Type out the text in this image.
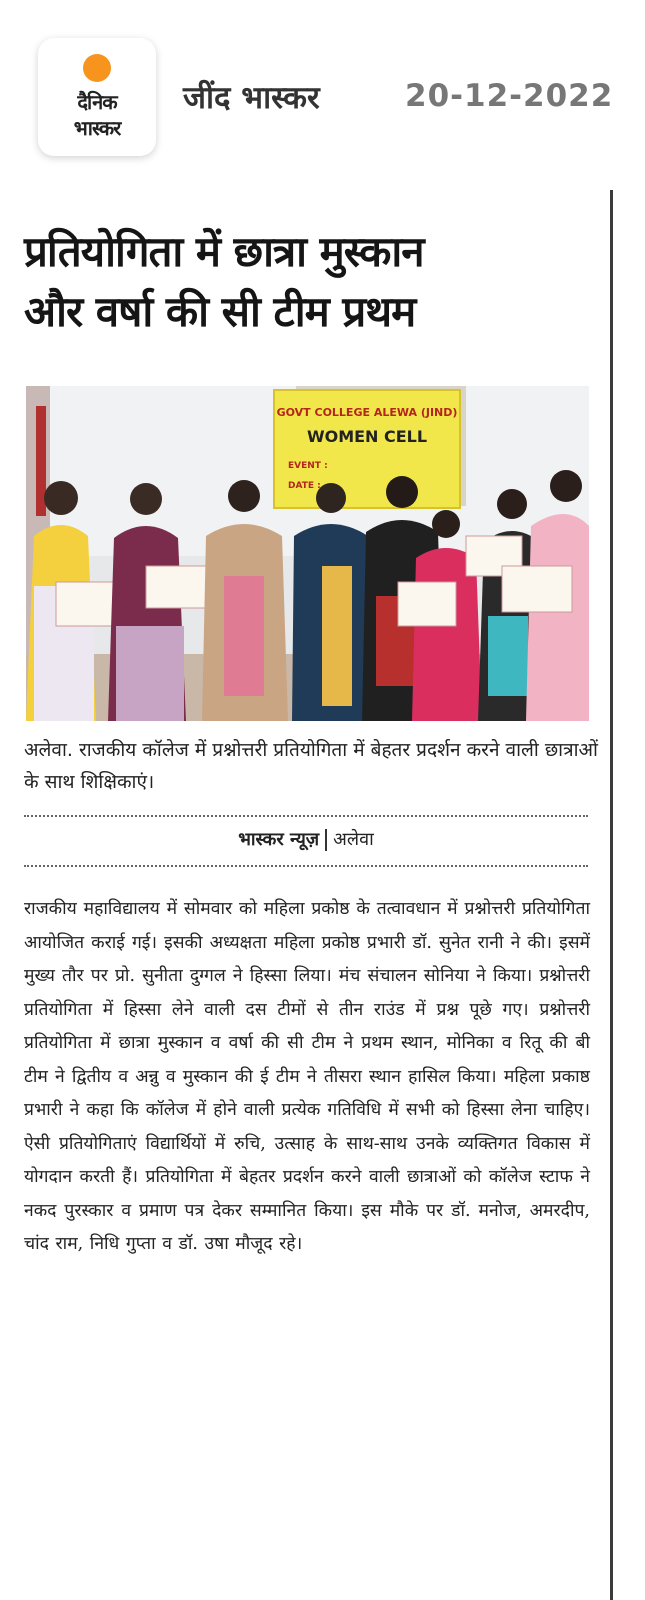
दैनिक
भास्कर
जींद भास्कर	20-12-2022
प्रतियोगिता में छात्रा मुस्कान
और वर्षा की सी टीम प्रथम
GOVT COLLEGE ALEWA (JIND)
WOMEN CELL
EVENT :
DATE :
अलेवा. राजकीय कॉलेज में प्रश्नोत्तरी प्रतियोगिता में बेहतर प्रदर्शन करने वाली छात्राओं के साथ शिक्षिकाएं।
भास्कर न्यूज़ अलेवा
राजकीय महाविद्यालय में सोमवार को महिला प्रकोष्ठ के तत्वावधान में प्रश्नोत्तरी प्रतियोगिता आयोजित कराई गई। इसकी अध्यक्षता महिला प्रकोष्ठ प्रभारी डॉ. सुनेत रानी ने की। इसमें मुख्य तौर पर प्रो. सुनीता दुग्गल ने हिस्सा लिया। मंच संचालन सोनिया ने किया। प्रश्नोत्तरी प्रतियोगिता में हिस्सा लेने वाली दस टीमों से तीन राउंड में प्रश्न पूछे गए। प्रश्नोत्तरी प्रतियोगिता में छात्रा मुस्कान व वर्षा की सी टीम ने प्रथम स्थान, मोनिका व रितू की बी टीम ने द्वितीय व अन्नु व मुस्कान की ई टीम ने तीसरा स्थान हासिल किया। महिला प्रकाष्ठ प्रभारी ने कहा कि कॉलेज में होने वाली प्रत्येक गतिविधि में सभी को हिस्सा लेना चाहिए। ऐसी प्रतियोगिताएं विद्यार्थियों में रुचि, उत्साह के साथ-साथ उनके व्यक्तिगत विकास में योगदान करती हैं। प्रतियोगिता में बेहतर प्रदर्शन करने वाली छात्राओं को कॉलेज स्टाफ ने नकद पुरस्कार व प्रमाण पत्र देकर सम्मानित किया। इस मौके पर डॉ. मनोज, अमरदीप, चांद राम, निधि गुप्ता व डॉ. उषा मौजूद रहे।
